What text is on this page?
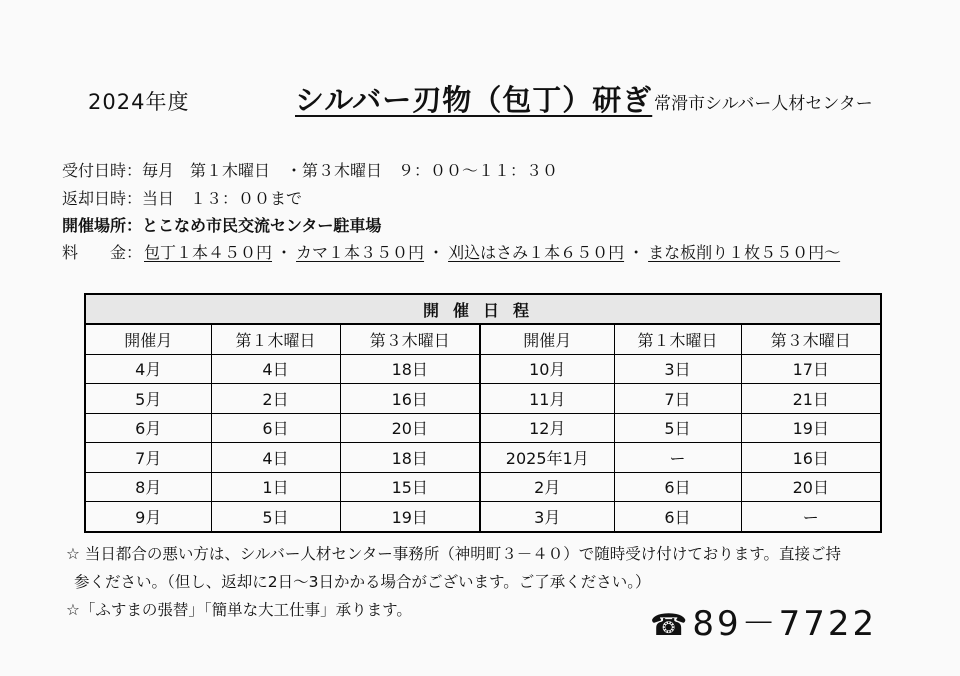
2024年度	シルバー刃物（包丁）研ぎ 常滑市シルバー人材センター
受付日時：毎月　第１木曜日　・第３木曜日　９：００～１１：３０
返却日時：当日　１３：００まで
開催場所：とこなめ市民交流センター駐車場
料　　金： 包丁１本４５０円 ・ カマ１本３５０円 ・ 刈込はさみ１本６５０円 ・ まな板削り１枚５５０円～
開催日程					
開催月	第１木曜日	第３木曜日	開催月	第１木曜日	第３木曜日
4月	4日	18日	10月	3日	17日
5月	2日	16日	11月	7日	21日
6月	6日	20日	12月	5日	19日
7月	4日	18日	2025年1月	ー	16日
8月	1日	15日	2月	6日	20日
9月	5日	19日	3月	6日	ー
☆ 当日都合の悪い方は、シルバー人材センター事務所（神明町３－４０）で随時受け付けております。直接ご持
参ください。（但し、返却に2日～3日かかる場合がございます。ご了承ください。）
☆「ふすまの張替」「簡単な大工仕事」承ります。	☎89－7722
